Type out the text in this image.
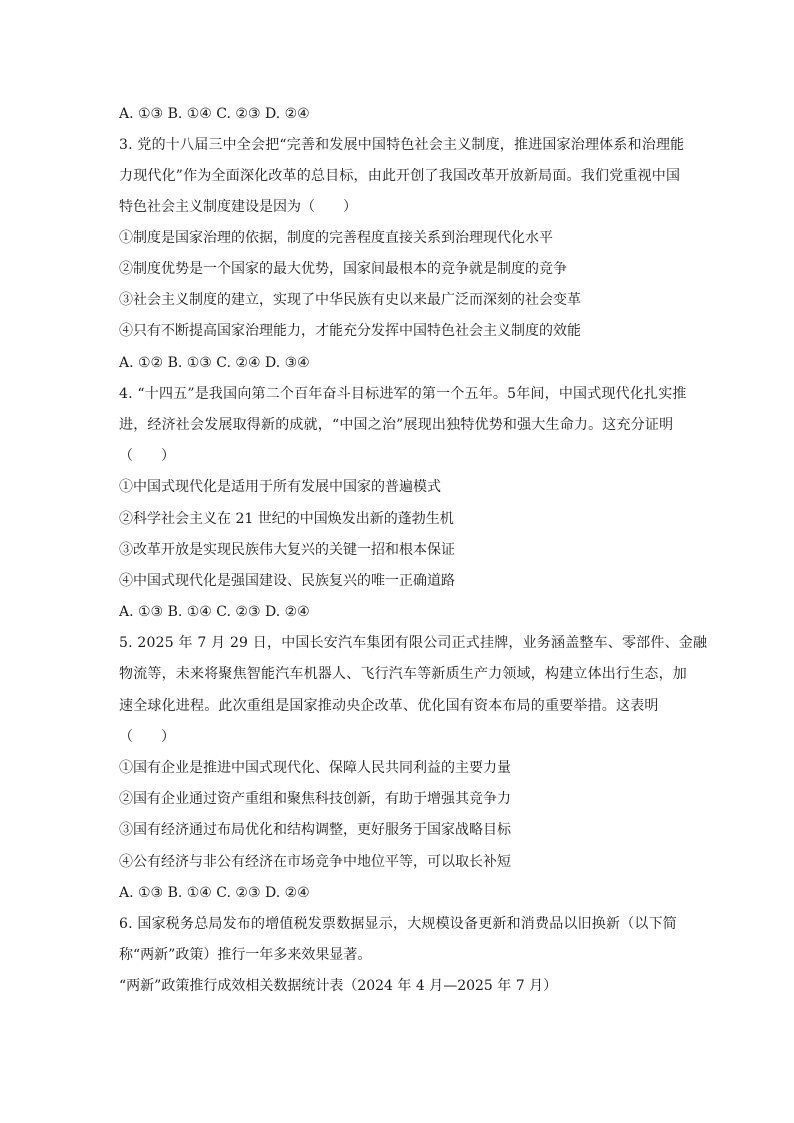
A. ①③ B. ①④ C. ②③ D. ②④
3. 党的十八届三中全会把“完善和发展中国特色社会主义制度，推进国家治理体系和治理能
力现代化”作为全面深化改革的总目标，由此开创了我国改革开放新局面。我们党重视中国
特色社会主义制度建设是因为（　　）
①制度是国家治理的依据，制度的完善程度直接关系到治理现代化水平
②制度优势是一个国家的最大优势，国家间最根本的竞争就是制度的竞争
③社会主义制度的建立，实现了中华民族有史以来最广泛而深刻的社会变革
④只有不断提高国家治理能力，才能充分发挥中国特色社会主义制度的效能
A. ①② B. ①③ C. ②④ D. ③④
4. “十四五”是我国向第二个百年奋斗目标进军的第一个五年。5年间，中国式现代化扎实推
进，经济社会发展取得新的成就，“中国之治”展现出独特优势和强大生命力。这充分证明
（　　）
①中国式现代化是适用于所有发展中国家的普遍模式
②科学社会主义在 21 世纪的中国焕发出新的蓬勃生机
③改革开放是实现民族伟大复兴的关键一招和根本保证
④中国式现代化是强国建设、民族复兴的唯一正确道路
A. ①③ B. ①④ C. ②③ D. ②④
5. 2025 年 7 月 29 日，中国长安汽车集团有限公司正式挂牌，业务涵盖整车、零部件、金融
物流等，未来将聚焦智能汽车机器人、飞行汽车等新质生产力领域，构建立体出行生态，加
速全球化进程。此次重组是国家推动央企改革、优化国有资本布局的重要举措。这表明
（　　）
①国有企业是推进中国式现代化、保障人民共同利益的主要力量
②国有企业通过资产重组和聚焦科技创新，有助于增强其竞争力
③国有经济通过布局优化和结构调整，更好服务于国家战略目标
④公有经济与非公有经济在市场竞争中地位平等，可以取长补短
A. ①③ B. ①④ C. ②③ D. ②④
6. 国家税务总局发布的增值税发票数据显示，大规模设备更新和消费品以旧换新（以下简
称“两新”政策）推行一年多来效果显著。
“两新”政策推行成效相关数据统计表（2024 年 4 月—2025 年 7 月）
